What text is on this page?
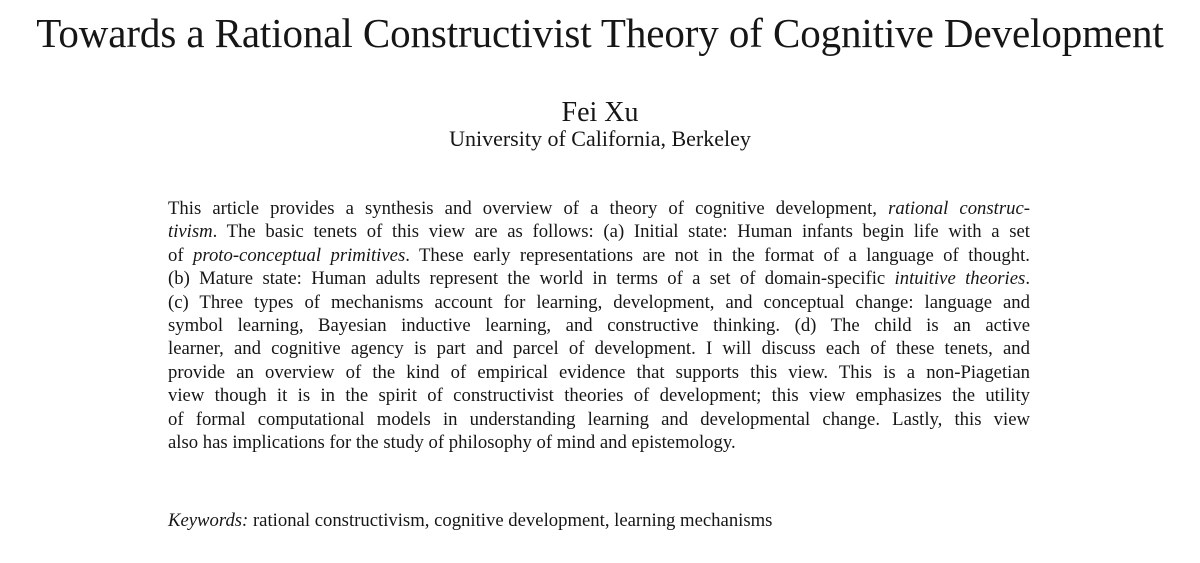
Towards a Rational Constructivist Theory of Cognitive Development
Fei Xu
University of California, Berkeley
This article provides a synthesis and overview of a theory of cognitive development, rational construc-
tivism. The basic tenets of this view are as follows: (a) Initial state: Human infants begin life with a set
of proto-conceptual primitives. These early representations are not in the format of a language of thought.
(b) Mature state: Human adults represent the world in terms of a set of domain-specific intuitive theories.
(c) Three types of mechanisms account for learning, development, and conceptual change: language and
symbol learning, Bayesian inductive learning, and constructive thinking. (d) The child is an active
learner, and cognitive agency is part and parcel of development. I will discuss each of these tenets, and
provide an overview of the kind of empirical evidence that supports this view. This is a non-Piagetian
view though it is in the spirit of constructivist theories of development; this view emphasizes the utility
of formal computational models in understanding learning and developmental change. Lastly, this view
also has implications for the study of philosophy of mind and epistemology.
Keywords: rational constructivism, cognitive development, learning mechanisms
